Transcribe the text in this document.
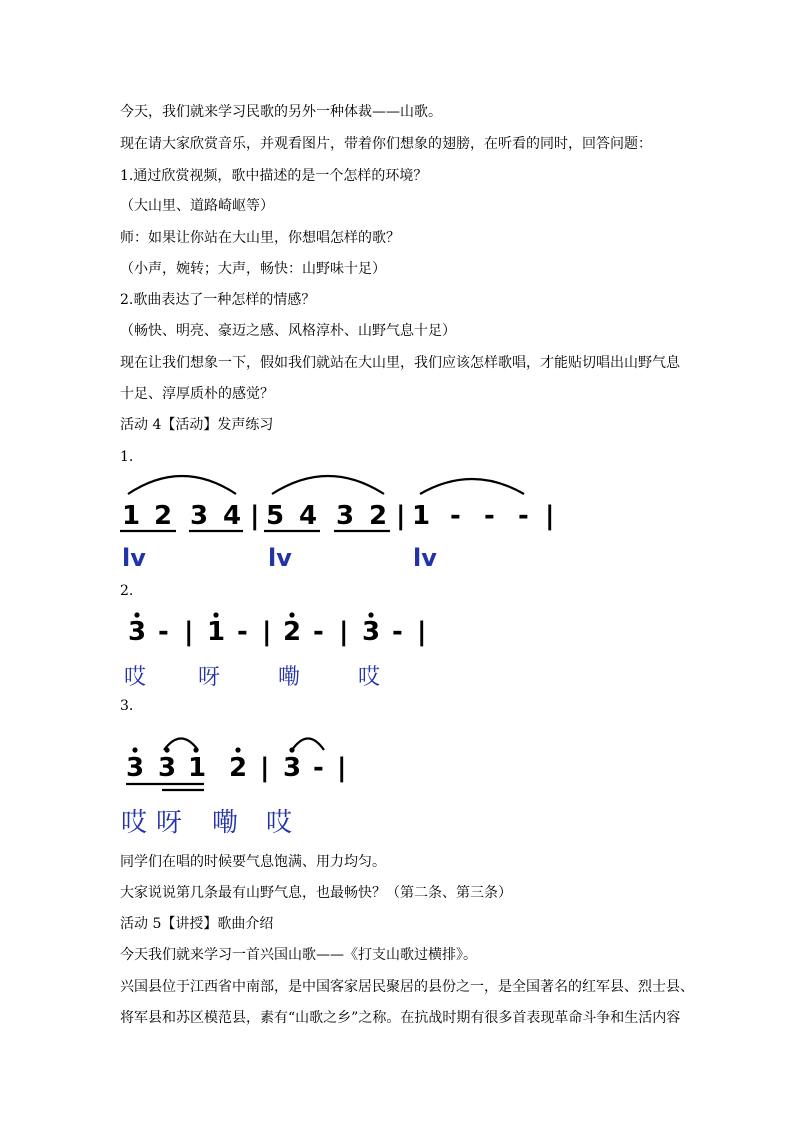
今天，我们就来学习民歌的另外一种体裁——山歌。
现在请大家欣赏音乐，并观看图片，带着你们想象的翅膀，在听看的同时，回答问题：
1.通过欣赏视频，歌中描述的是一个怎样的环境？
（大山里、道路崎岖等）
师：如果让你站在大山里，你想唱怎样的歌？
（小声，婉转；大声，畅快：山野味十足）
2.歌曲表达了一种怎样的情感？
（畅快、明亮、豪迈之感、风格淳朴、山野气息十足）
现在让我们想象一下，假如我们就站在大山里，我们应该怎样歌唱，才能贴切唱出山野气息
十足、淳厚质朴的感觉？
活动 4【活动】发声练习
1.
2.
3.
同学们在唱的时候要气息饱满、用力均匀。
大家说说第几条最有山野气息，也最畅快？（第二条、第三条）
活动 5【讲授】歌曲介绍
今天我们就来学习一首兴国山歌——《打支山歌过横排》。
兴国县位于江西省中南部，是中国客家居民聚居的县份之一，是全国著名的红军县、烈士县、
将军县和苏区模范县，素有“山歌之乡”之称。在抗战时期有很多首表现革命斗争和生活内容
1 2 3 4 | 5 4 3 2 | 1 - - - |
lv	lv	lv
3 - | 1 - | 2 - | 3 - |
哎 呀	嘞	哎
3 3 1 2 | 3 - |
哎 呀 嘞 哎
